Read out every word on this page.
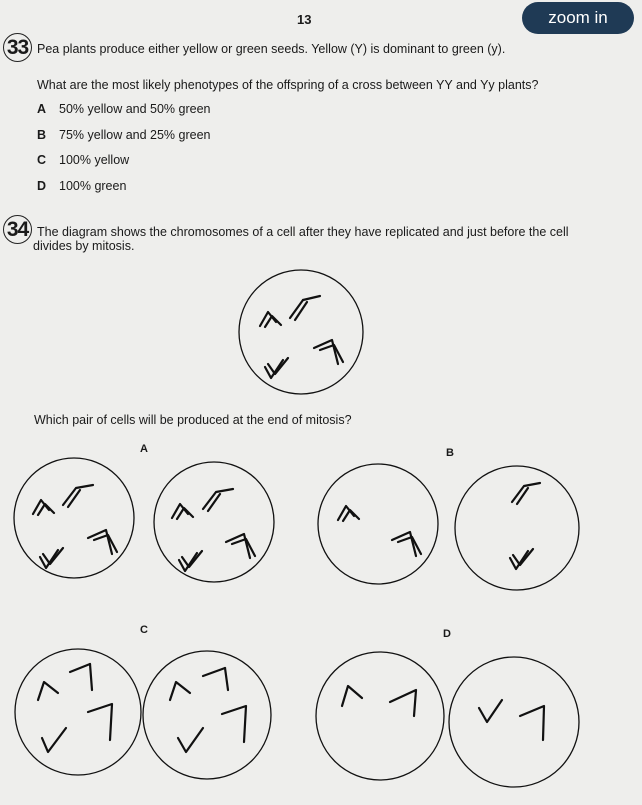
13	zoom in
33 Pea plants produce either yellow or green seeds. Yellow (Y) is dominant to green (y).
What are the most likely phenotypes of the offspring of a cross between YY and Yy plants?
A 50% yellow and 50% green
B 75% yellow and 25% green
C 100% yellow
D 100% green
34 The diagram shows the chromosomes of a cell after they have replicated and just before the cell
divides by mitosis.
Which pair of cells will be produced at the end of mitosis?
A	B
C	D
